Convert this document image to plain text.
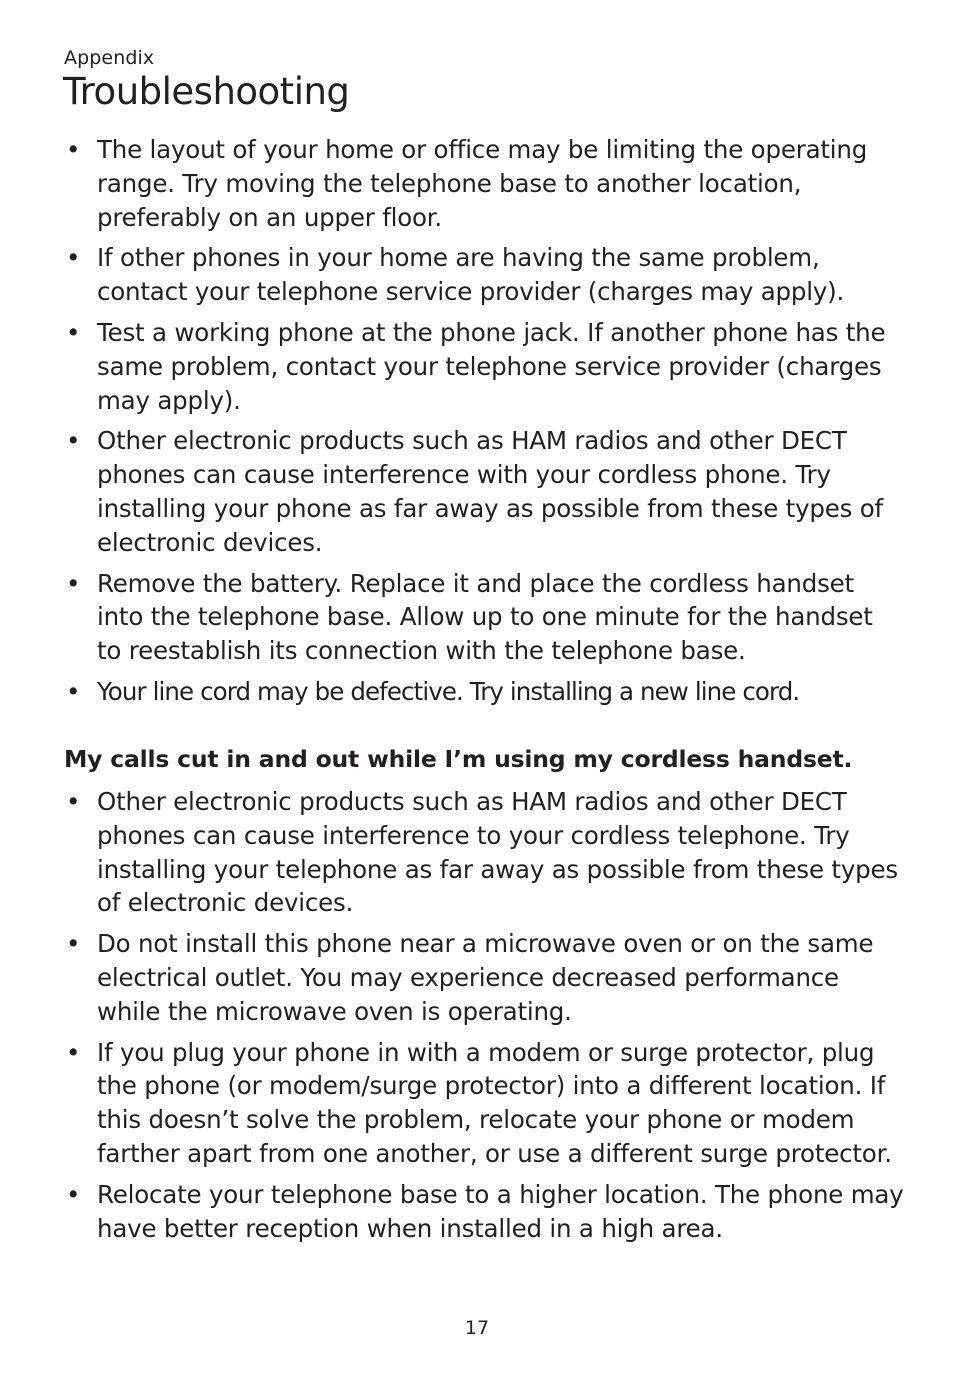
Appendix
Troubleshooting
• The layout of your home or office may be limiting the operating range. Try moving the telephone base to another location, preferably on an upper floor.
• If other phones in your home are having the same problem, contact your telephone service provider (charges may apply).
• Test a working phone at the phone jack. If another phone has the same problem, contact your telephone service provider (charges may apply).
• Other electronic products such as HAM radios and other DECT phones can cause interference with your cordless phone. Try installing your phone as far away as possible from these types of electronic devices.
• Remove the battery. Replace it and place the cordless handset into the telephone base. Allow up to one minute for the handset to reestablish its connection with the telephone base.
• Your line cord may be defective. Try installing a new line cord.
My calls cut in and out while I’m using my cordless handset.
• Other electronic products such as HAM radios and other DECT phones can cause interference to your cordless telephone. Try installing your telephone as far away as possible from these types of electronic devices.
• Do not install this phone near a microwave oven or on the same electrical outlet. You may experience decreased performance while the microwave oven is operating.
• If you plug your phone in with a modem or surge protector, plug the phone (or modem/surge protector) into a different location. If this doesn’t solve the problem, relocate your phone or modem farther apart from one another, or use a different surge protector.
• Relocate your telephone base to a higher location. The phone may have better reception when installed in a high area.
17
